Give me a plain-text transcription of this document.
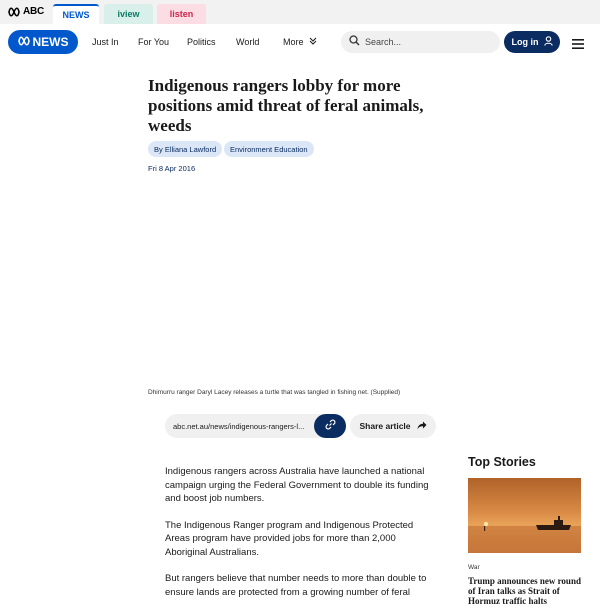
ABC	NEWS	iview	listen
NEWS	Just In For You Politics World	More	Search...	Log in
Indigenous rangers lobby for more positions amid threat of feral animals, weeds
By Elliana Lawford	Environment Education
Fri 8 Apr 2016
Dhimurru ranger Daryl Lacey releases a turtle that was tangled in fishing net. (Supplied)
abc.net.au/news/indigenous-rangers-l...	Share article

Indigenous rangers across Australia have launched a national campaign urging the Federal Government to double its funding and boost job numbers.

The Indigenous Ranger program and Indigenous Protected Areas program have provided jobs for more than 2,000 Aboriginal Australians.

But rangers believe that number needs to more than double to ensure lands are protected from a growing number of feral

Top Stories
War
Trump announces new round of Iran talks as Strait of Hormuz traffic halts
